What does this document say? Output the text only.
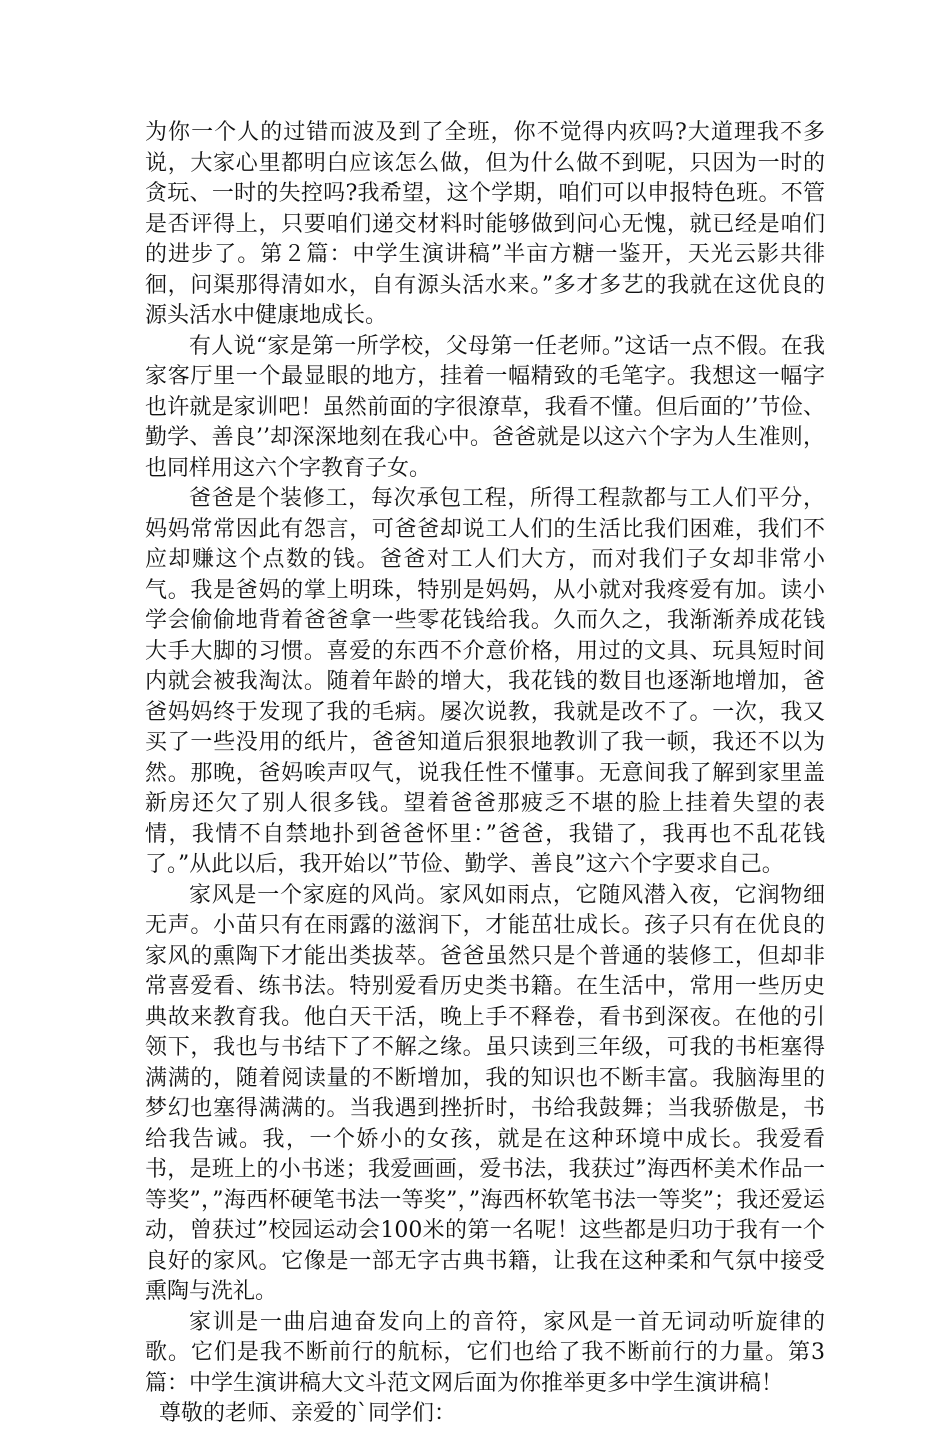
为你一个人的过错而波及到了全班，你不觉得内疚吗?大道理我不多说，大家心里都明白应该怎么做，但为什么做不到呢，只因为一时的贪玩、一时的失控吗?我希望，这个学期，咱们可以申报特色班。不管是否评得上，只要咱们递交材料时能够做到问心无愧，就已经是咱们的进步了。第２篇：中学生演讲稿”半亩方糖一鉴开，天光云影共徘徊，问渠那得清如水，自有源头活水来。”多才多艺的我就在这优良的源头活水中健康地成长。

有人说“家是第一所学校，父母第一任老师。”这话一点不假。在我家客厅里一个最显眼的地方，挂着一幅精致的毛笔字。我想这一幅字也许就是家训吧！虽然前面的字很潦草，我看不懂。但后面的’’节俭、勤学、善良’’却深深地刻在我心中。爸爸就是以这六个字为人生准则，也同样用这六个字教育子女。

爸爸是个装修工，每次承包工程，所得工程款都与工人们平分，妈妈常常因此有怨言，可爸爸却说工人们的生活比我们困难，我们不应却赚这个点数的钱。爸爸对工人们大方，而对我们子女却非常小气。我是爸妈的掌上明珠，特别是妈妈，从小就对我疼爱有加。读小学会偷偷地背着爸爸拿一些零花钱给我。久而久之，我渐渐养成花钱大手大脚的习惯。喜爱的东西不介意价格，用过的文具、玩具短时间内就会被我淘汰。随着年龄的增大，我花钱的数目也逐渐地增加，爸爸妈妈终于发现了我的毛病。屡次说教，我就是改不了。一次，我又买了一些没用的纸片，爸爸知道后狠狠地教训了我一顿，我还不以为然。那晚，爸妈唉声叹气，说我任性不懂事。无意间我了解到家里盖新房还欠了别人很多钱。望着爸爸那疲乏不堪的脸上挂着失望的表情，我情不自禁地扑到爸爸怀里：”爸爸，我错了，我再也不乱花钱了。”从此以后，我开始以”节俭、勤学、善良”这六个字要求自己。

家风是一个家庭的风尚。家风如雨点，它随风潜入夜，它润物细无声。小苗只有在雨露的滋润下，才能茁壮成长。孩子只有在优良的家风的熏陶下才能出类拔萃。爸爸虽然只是个普通的装修工，但却非常喜爱看、练书法。特别爱看历史类书籍。在生活中，常用一些历史典故来教育我。他白天干活，晚上手不释卷，看书到深夜。在他的引领下，我也与书结下了不解之缘。虽只读到三年级，可我的书柜塞得满满的，随着阅读量的不断增加，我的知识也不断丰富。我脑海里的梦幻也塞得满满的。当我遇到挫折时，书给我鼓舞；当我骄傲是，书给我告诫。我，一个娇小的女孩，就是在这种环境中成长。我爱看书，是班上的小书迷；我爱画画，爱书法，我获过”海西杯美术作品一等奖”，”海西杯硬笔书法一等奖”，”海西杯软笔书法一等奖”；我还爱运动，曾获过”校园运动会100米的第一名呢！这些都是归功于我有一个良好的家风。它像是一部无字古典书籍，让我在这种柔和气氛中接受熏陶与洗礼。

家训是一曲启迪奋发向上的音符，家风是一首无词动听旋律的歌。它们是我不断前行的航标，它们也给了我不断前行的力量。第3篇：中学生演讲稿大文斗范文网后面为你推举更多中学生演讲稿！

尊敬的老师、亲爱的`同学们：
